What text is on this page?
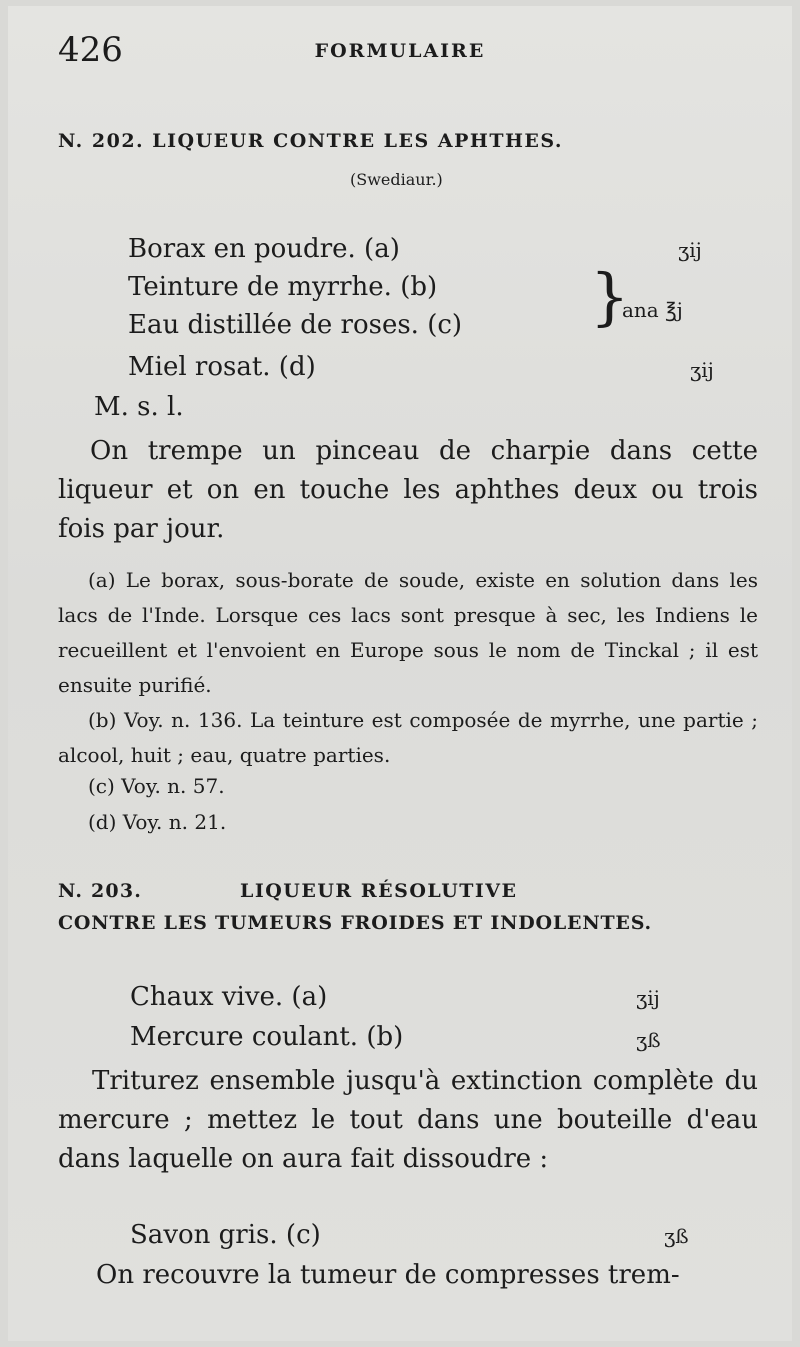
426	FORMULAIRE
N. 202. LIQUEUR CONTRE LES APHTHES.
(Swediaur.)
Borax en poudre. (a)	ʒij
Teinture de myrrhe. (b)
Eau distillée de roses. (c) }
ana ℥j
Miel rosat. (d)	ʒij
M. s. l.
On trempe un pinceau de charpie dans cette liqueur et on en touche les aphthes deux ou trois fois par jour.
(a) Le borax, sous-borate de soude, existe en solution dans les lacs de l'Inde. Lorsque ces lacs sont presque à sec, les Indiens le recueillent et l'envoient en Europe sous le nom de Tinckal ; il est ensuite purifié.
(b) Voy. n. 136. La teinture est composée de myrrhe, une partie ; alcool, huit ; eau, quatre parties.
(c) Voy. n. 57.
(d) Voy. n. 21.
N. 203.	LIQUEUR RÉSOLUTIVE
CONTRE LES TUMEURS FROIDES ET INDOLENTES.
Chaux vive. (a)	ʒij
Mercure coulant. (b)	ʒß
Triturez ensemble jusqu'à extinction complète du mercure ; mettez le tout dans une bouteille d'eau dans laquelle on aura fait dissoudre :
Savon gris. (c)	ʒß
On recouvre la tumeur de compresses trem-
